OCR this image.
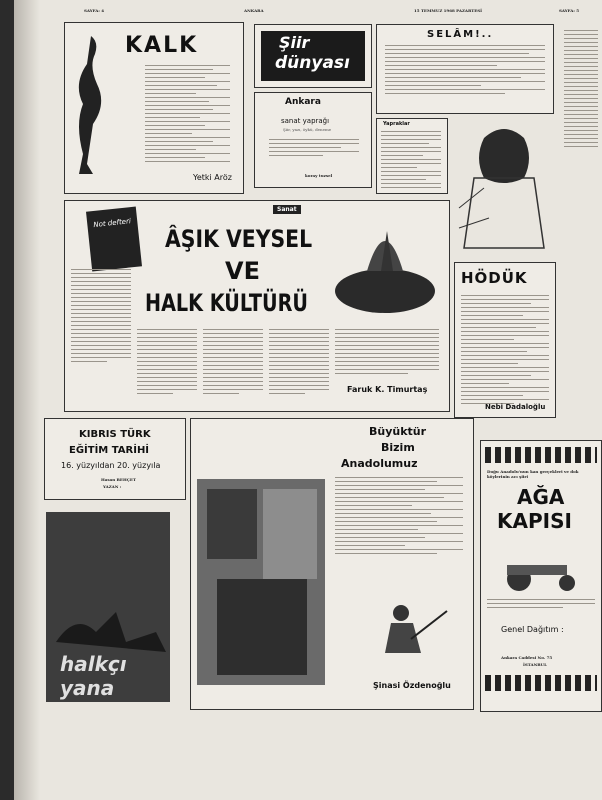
SAYFA: 4	ANKARA	15 TEMMUZ 1968 PAZARTESİ	SAYFA: 5
KALK
Yetki Aröz
Şiir
dünyası
Ankara
sanat yaprağı
Şiir, yazı, öykü, deneme
koray tuzsel
SELÂM!..
Yapraklar
Not defteri
Sanat
ÂŞIK VEYSEL
VE
HALK KÜLTÜRÜ
Faruk K. Timurtaş
HÖDÜK
Nebi Dadaloğlu
KIBRIS TÜRK
EĞİTİM TARİHİ
16. yüzyıldan 20. yüzyıla
Hasan BEHÇET
YAZAN :
halkçı yana
Büyüktür
Bizim
Anadolumuz
Şinasi Özdenoğlu
Doğu Anadolu'nun kan gerçekleri ve dok köylerinin acı şiiri
AĞA
KAPISI
Genel Dağıtım :
Ankara Caddesi No. 75
İSTANBUL
